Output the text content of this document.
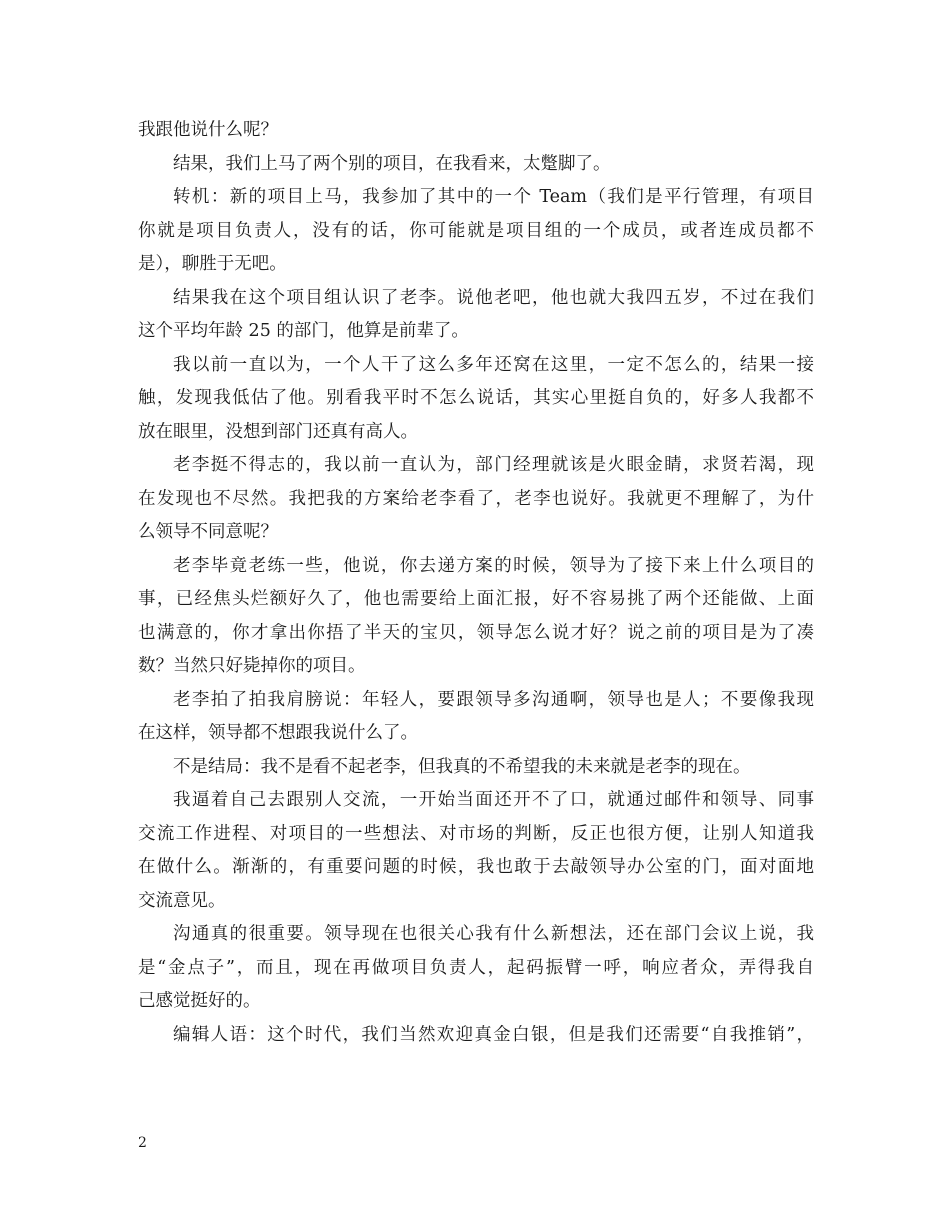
我跟他说什么呢？
结果，我们上马了两个别的项目，在我看来，太蹩脚了。
转机：新的项目上马，我参加了其中的一个 Team（我们是平行管理，有项目
你就是项目负责人，没有的话，你可能就是项目组的一个成员，或者连成员都不
是），聊胜于无吧。
结果我在这个项目组认识了老李。说他老吧，他也就大我四五岁，不过在我们
这个平均年龄 25 的部门，他算是前辈了。
我以前一直以为，一个人干了这么多年还窝在这里，一定不怎么的，结果一接
触，发现我低估了他。别看我平时不怎么说话，其实心里挺自负的，好多人我都不
放在眼里，没想到部门还真有高人。
老李挺不得志的，我以前一直认为，部门经理就该是火眼金睛，求贤若渴，现
在发现也不尽然。我把我的方案给老李看了，老李也说好。我就更不理解了，为什
么领导不同意呢？
老李毕竟老练一些，他说，你去递方案的时候，领导为了接下来上什么项目的
事，已经焦头烂额好久了，他也需要给上面汇报，好不容易挑了两个还能做、上面
也满意的，你才拿出你捂了半天的宝贝，领导怎么说才好？说之前的项目是为了凑
数？当然只好毙掉你的项目。
老李拍了拍我肩膀说：年轻人，要跟领导多沟通啊，领导也是人；不要像我现
在这样，领导都不想跟我说什么了。
不是结局：我不是看不起老李，但我真的不希望我的未来就是老李的现在。
我逼着自己去跟别人交流，一开始当面还开不了口，就通过邮件和领导、同事
交流工作进程、对项目的一些想法、对市场的判断，反正也很方便，让别人知道我
在做什么。渐渐的，有重要问题的时候，我也敢于去敲领导办公室的门，面对面地
交流意见。
沟通真的很重要。领导现在也很关心我有什么新想法，还在部门会议上说，我
是“金点子”，而且，现在再做项目负责人，起码振臂一呼，响应者众，弄得我自
己感觉挺好的。
编辑人语：这个时代，我们当然欢迎真金白银，但是我们还需要“自我推销”，
2
